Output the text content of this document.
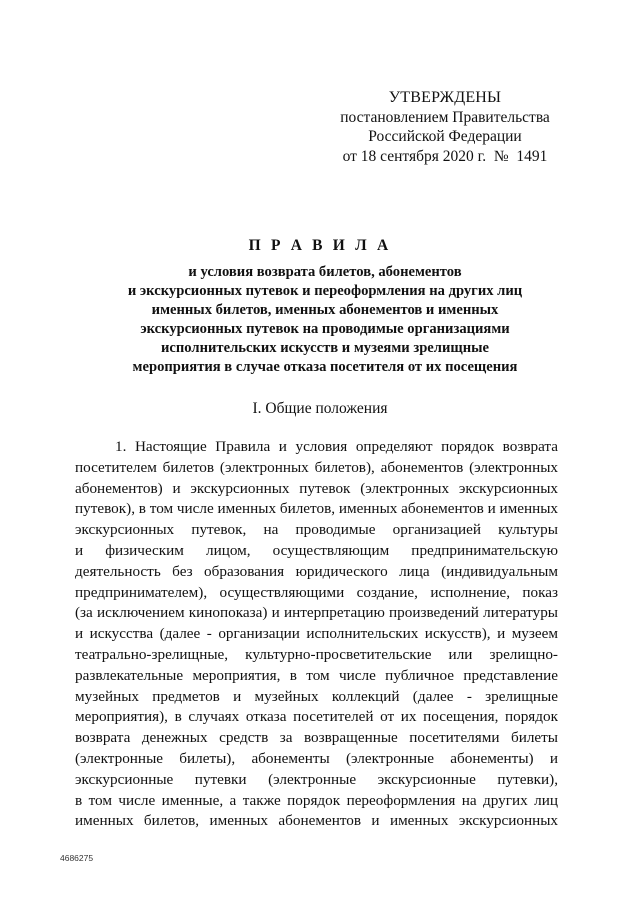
УТВЕРЖДЕНЫ
постановлением Правительства
Российской Федерации
от 18 сентября 2020 г.  №  1491
П Р А В И Л А
и условия возврата билетов, абонементов
и экскурсионных путевок и переоформления на других лиц
именных билетов, именных абонементов и именных
экскурсионных путевок на проводимые организациями
исполнительских искусств и музеями зрелищные
мероприятия в случае отказа посетителя от их посещения
I. Общие положения
1. Настоящие Правила и условия определяют порядок возврата
посетителем билетов (электронных билетов), абонементов (электронных
абонементов) и экскурсионных путевок (электронных экскурсионных
путевок), в том числе именных билетов, именных абонементов и именных
экскурсионных путевок, на проводимые организацией культуры
и физическим лицом, осуществляющим предпринимательскую
деятельность без образования юридического лица (индивидуальным
предпринимателем), осуществляющими создание, исполнение, показ
(за исключением кинопоказа) и интерпретацию произведений литературы
и искусства (далее - организации исполнительских искусств), и музеем
театрально-зрелищные, культурно-просветительские или зрелищно-
развлекательные мероприятия, в том числе публичное представление
музейных предметов и музейных коллекций (далее - зрелищные
мероприятия), в случаях отказа посетителей от их посещения, порядок
возврата денежных средств за возвращенные посетителями билеты
(электронные билеты), абонементы (электронные абонементы) и
экскурсионные путевки (электронные экскурсионные путевки),
в том числе именные, а также порядок переоформления на других лиц
именных билетов, именных абонементов и именных экскурсионных
4686275
